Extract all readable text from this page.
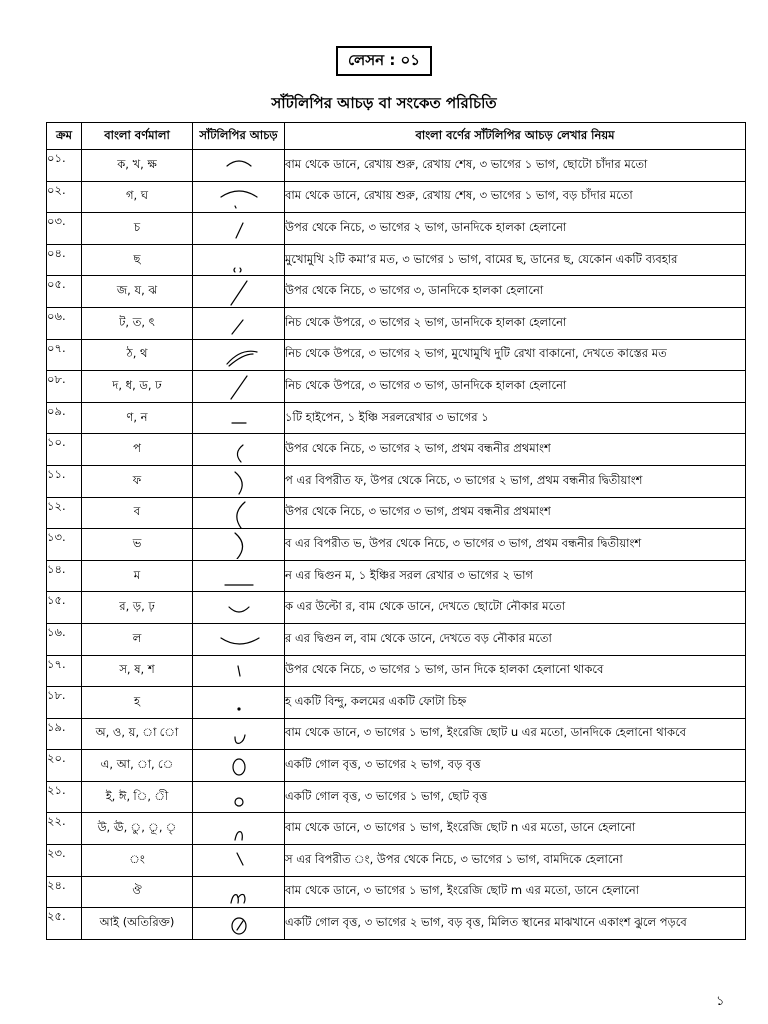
লেসন : ০১
সাঁটলিপির আচড় বা সংকেত পরিচিতি
ক্রম	বাংলা বর্ণমালা	সাঁটলিপির আচড়	বাংলা বর্ণের সাঁটলিপির আচড় লেখার নিয়ম
০১.	ক, খ, ক্ষ		বাম থেকে ডানে, রেখায় শুরু, রেখায় শেষ, ৩ ভাগের ১ ভাগ, ছোটো চাঁদার মতো
০২.	গ, ঘ		বাম থেকে ডানে, রেখায় শুরু, রেখায় শেষ, ৩ ভাগের ১ ভাগ, বড় চাঁদার মতো
০৩.	চ		উপর থেকে নিচে, ৩ ভাগের ২ ভাগ, ডানদিকে হালকা হেলানো
০৪.	ছ		মুখোমুখি ২টি কমা’র মত, ৩ ভাগের ১ ভাগ, বামের ছ, ডানের ছ, যেকোন একটি ব্যবহার
০৫.	জ, য, ঝ		উপর থেকে নিচে, ৩ ভাগের ৩, ডানদিকে হালকা হেলানো
০৬.	ট, ত, ৎ		নিচ থেকে উপরে, ৩ ভাগের ২ ভাগ, ডানদিকে হালকা হেলানো
০৭.	ঠ, থ		নিচ থেকে উপরে, ৩ ভাগের ২ ভাগ, মুখোমুখি দুটি রেখা বাকানো, দেখতে কাস্তের মত
০৮.	দ, ধ, ড, ঢ		নিচ থেকে উপরে, ৩ ভাগের ৩ ভাগ, ডানদিকে হালকা হেলানো
০৯.	ণ, ন		১টি হাইপেন, ১ ইঞ্চি সরলরেখার ৩ ভাগের ১
১০.	প		উপর থেকে নিচে, ৩ ভাগের ২ ভাগ, প্রথম বন্ধনীর প্রথমাংশ
১১.	ফ		প এর বিপরীত ফ, উপর থেকে নিচে, ৩ ভাগের ২ ভাগ, প্রথম বন্ধনীর দ্বিতীয়াংশ
১২.	ব		উপর থেকে নিচে, ৩ ভাগের ৩ ভাগ, প্রথম বন্ধনীর প্রথমাংশ
১৩.	ভ		ব এর বিপরীত ভ, উপর থেকে নিচে, ৩ ভাগের ৩ ভাগ, প্রথম বন্ধনীর দ্বিতীয়াংশ
১৪.	ম		ন এর দ্বিগুন ম, ১ ইঞ্চির সরল রেখার ৩ ভাগের ২ ভাগ
১৫.	র, ড়, ঢ়		ক এর উল্টো র, বাম থেকে ডানে, দেখতে ছোটো নৌকার মতো
১৬.	ল		র এর দ্বিগুন ল, বাম থেকে ডানে, দেখতে বড় নৌকার মতো
১৭.	স, ষ, শ		উপর থেকে নিচে, ৩ ভাগের ১ ভাগ, ডান দিকে হালকা হেলানো থাকবে
১৮.	হ		হ একটি বিন্দু, কলমের একটি ফোটা চিহ্ন
১৯.	অ, ও, য়, া ো		বাম থেকে ডানে, ৩ ভাগের ১ ভাগ, ইংরেজি ছোট u এর মতো, ডানদিকে হেলানো থাকবে
২০.	এ, আ, া, ে		একটি গোল বৃত্ত, ৩ ভাগের ২ ভাগ, বড় বৃত্ত
২১.	ই, ঈ, ি, ী		একটি গোল বৃত্ত, ৩ ভাগের ১ ভাগ, ছোট বৃত্ত
২২.	উ, ঊ, ু, ূ, ৃ		বাম থেকে ডানে, ৩ ভাগের ১ ভাগ, ইংরেজি ছোট n এর মতো, ডানে হেলানো
২৩.	ং		স এর বিপরীত ং, উপর থেকে নিচে, ৩ ভাগের ১ ভাগ, বামদিকে হেলানো
২৪.	ঔ		বাম থেকে ডানে, ৩ ভাগের ১ ভাগ, ইংরেজি ছোট m এর মতো, ডানে হেলানো
২৫.	আই (অতিরিক্ত)		একটি গোল বৃত্ত, ৩ ভাগের ২ ভাগ, বড় বৃত্ত, মিলিত স্থানের মাঝখানে একাংশ ঝুলে পড়বে
১
